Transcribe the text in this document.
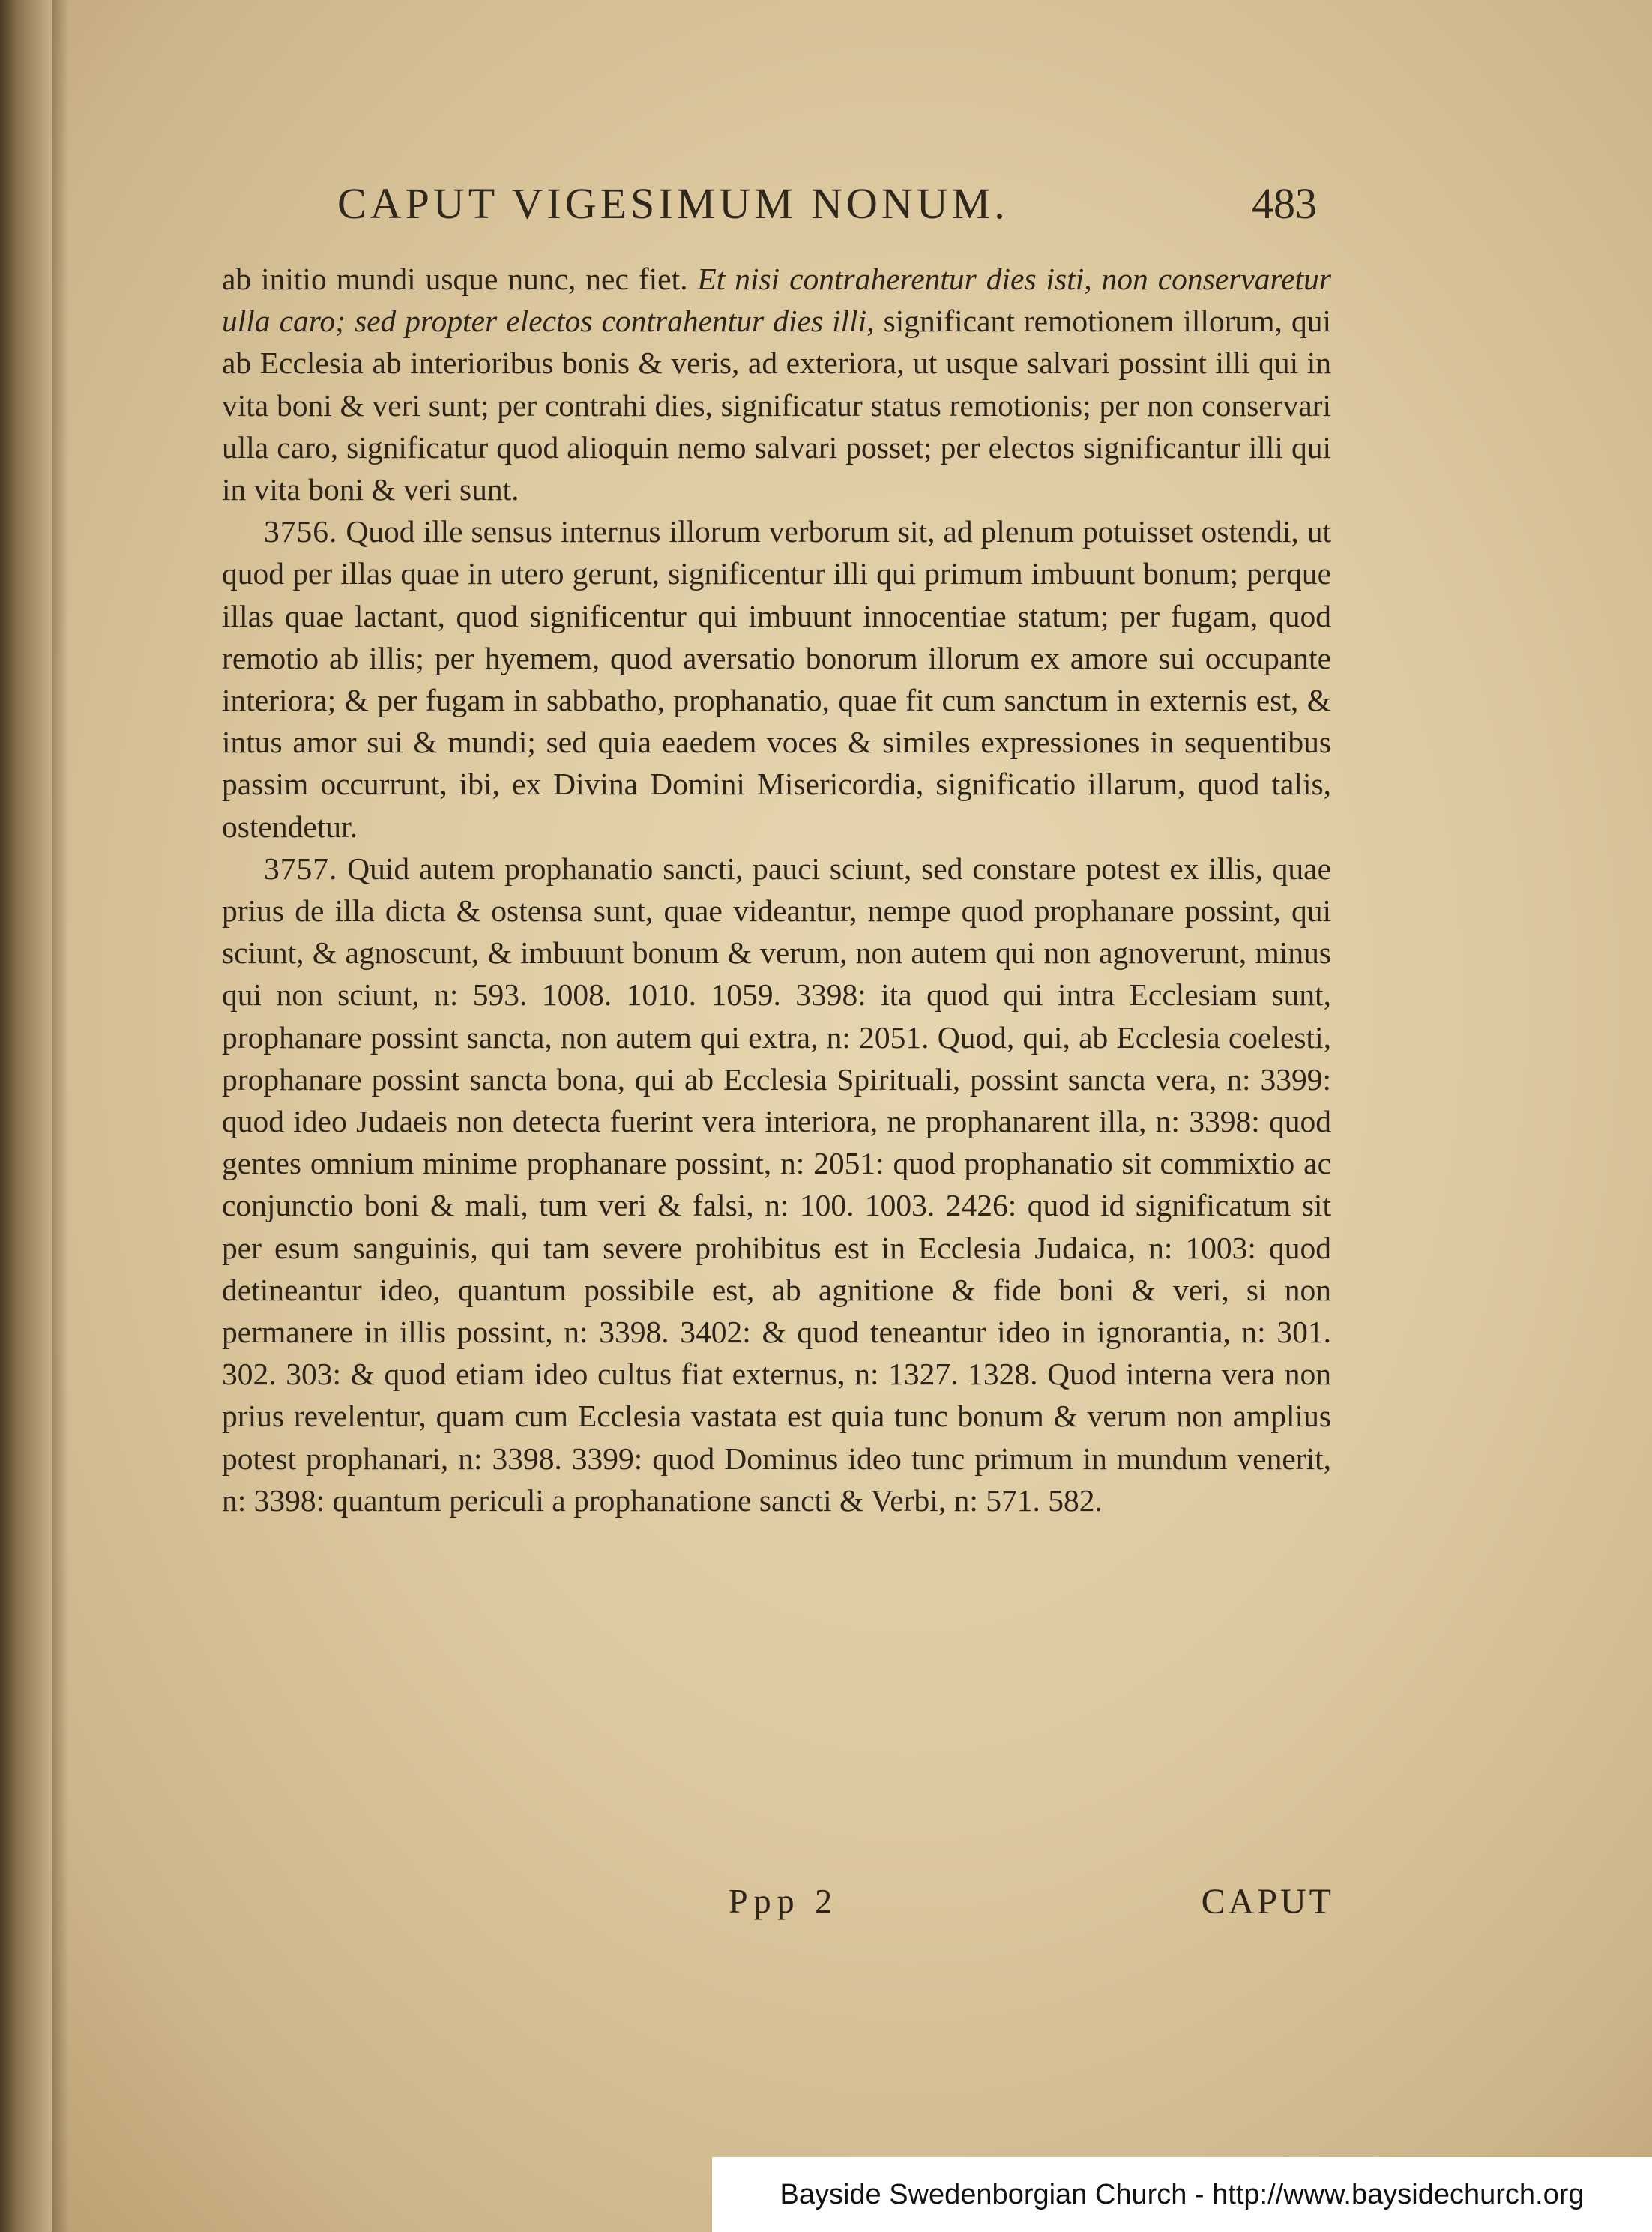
CAPUT VIGESIMUM NONUM.	483

ab initio mundi usque nunc, nec fiet. Et nisi contraherentur dies isti, non conservaretur ulla caro; sed propter electos contrahentur dies illi, significant remotionem illorum, qui ab Ecclesia ab interioribus bonis & veris, ad exteriora, ut usque salvari possint illi qui in vita boni & veri sunt; per contrahi dies, significatur status remotionis; per non conservari ulla caro, significatur quod alioquin nemo salvari posset; per electos significantur illi qui in vita boni & veri sunt.

3756. Quod ille sensus internus illorum verborum sit, ad plenum potuisset ostendi, ut quod per illas quae in utero gerunt, significentur illi qui primum imbuunt bonum; perque illas quae lactant, quod significentur qui imbuunt innocentiae statum; per fugam, quod remotio ab illis; per hyemem, quod aversatio bonorum illorum ex amore sui occupante interiora; & per fugam in sabbatho, prophanatio, quae fit cum sanctum in externis est, & intus amor sui & mundi; sed quia eaedem voces & similes expressiones in sequentibus passim occurrunt, ibi, ex Divina Domini Misericordia, significatio illarum, quod talis, ostendetur.

3757. Quid autem prophanatio sancti, pauci sciunt, sed constare potest ex illis, quae prius de illa dicta & ostensa sunt, quae videantur, nempe quod prophanare possint, qui sciunt, & agnoscunt, & imbuunt bonum & verum, non autem qui non agnoverunt, minus qui non sciunt, n: 593. 1008. 1010. 1059. 3398: ita quod qui intra Ecclesiam sunt, prophanare possint sancta, non autem qui extra, n: 2051. Quod, qui, ab Ecclesia coelesti, prophanare possint sancta bona, qui ab Ecclesia Spirituali, possint sancta vera, n: 3399: quod ideo Judaeis non detecta fuerint vera interiora, ne prophanarent illa, n: 3398: quod gentes omnium minime prophanare possint, n: 2051: quod prophanatio sit commixtio ac conjunctio boni & mali, tum veri & falsi, n: 100. 1003. 2426: quod id significatum sit per esum sanguinis, qui tam severe prohibitus est in Ecclesia Judaica, n: 1003: quod detineantur ideo, quantum possibile est, ab agnitione & fide boni & veri, si non permanere in illis possint, n: 3398. 3402: & quod teneantur ideo in ignorantia, n: 301. 302. 303: & quod etiam ideo cultus fiat externus, n: 1327. 1328. Quod interna vera non prius revelentur, quam cum Ecclesia vastata est quia tunc bonum & verum non amplius potest prophanari, n: 3398. 3399: quod Dominus ideo tunc primum in mundum venerit, n: 3398: quantum periculi a prophanatione sancti & Verbi, n: 571. 582.

Ppp 2	CAPUT
Bayside Swedenborgian Church - http://www.baysidechurch.org
